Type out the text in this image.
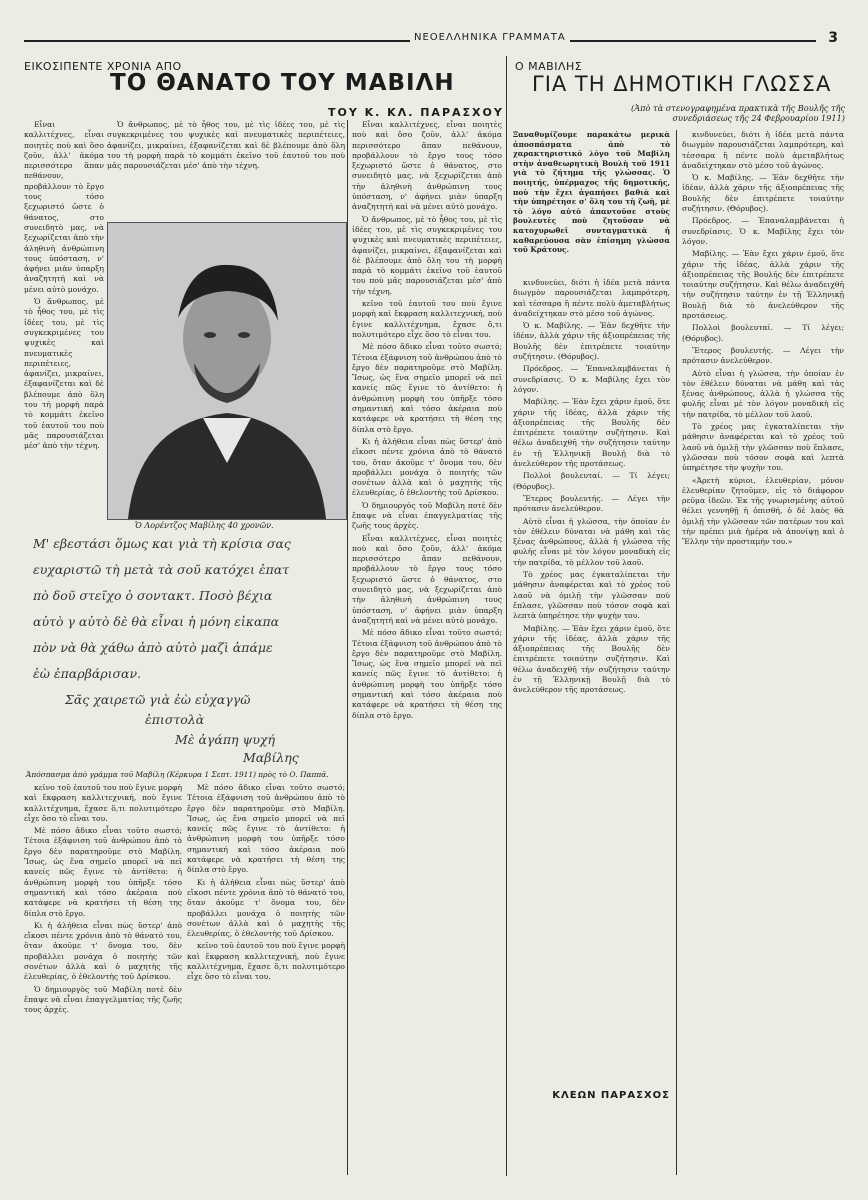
ΝΕΟΕΛΛΗΝΙΚΑ ΓΡΑΜΜΑΤΑ	3
ΕΙΚΟΣΙΠΕΝΤΕ ΧΡΟΝΙΑ ΑΠΟ
ΤΟ ΘΑΝΑΤΟ ΤΟΥ ΜΑΒΙΛΗ
ΤΟΥ Κ. ΚΛ. ΠΑΡΑΣΧΟΥ
Ο ΜΑΒΙΛΗΣ
ΓΙΑ ΤΗ ΔΗΜΟΤΙΚΗ ΓΛΩΣΣΑ
(Ἀπὸ τὰ στενογραφημένα πρακτικὰ τῆς Βουλῆς τῆς συνεδριάσεως τῆς 24 Φεβρουαρίου 1911)

Εἶναι καλλιτέχνες, εἶναι ποιητὲς ποὺ καὶ ὅσο ζοῦν, ἀλλ' ἀκόμα περισσότερο ἅπαν πεθάνουν, προβάλλουν τὸ ἔργο τους τόσο ξεχωριστό ὥστε ὁ θάνατος, στο συνειδητὸ μας, νὰ ξεχωρίζεται ἀπὸ τὴν ἀληθινὴ ἀνθρώπινη τους ὑπόσταση, ν' ἀφήνει μιὰν ὑπαρξη ἀναζητητή καὶ νὰ μένει αὐτὸ μονάχο.

Ὁ ἄνθρωπος, μὲ τὸ ἦθος του, μὲ τὶς ἰδέες του, μὲ τὶς συγκεκριμένες του ψυχικὲς καὶ πνευματικὲς περιπέτειες, ἀφανίζει, μικραίνει, ἐξαφανίζεται καὶ δὲ βλέπουμε ἀπὸ ὅλη του τὴ μορφὴ παρὰ τὸ κομμάτι ἐκεῖνο τοῦ ἑαυτοῦ του ποὺ μᾶς παρουσιάζεται μέσ' ἀπὸ τὴν τέχνη.

Ὁ ἄνθρωπος, μὲ τὸ ἦθος του, μὲ τὶς ἰδέες του, μὲ τὶς συγκεκριμένες του ψυχικὲς καὶ πνευματικὲς περιπέτειες, ἀφανίζει, μικραίνει, ἐξαφανίζεται καὶ δὲ βλέπουμε ἀπὸ ὅλη του τὴ μορφὴ παρὰ τὸ κομμάτι ἐκεῖνο τοῦ ἑαυτοῦ του ποὺ μᾶς παρουσιάζεται μέσ' ἀπὸ τὴν τέχνη.

Ὁ Λορέντζος Μαβίλης 40 χρονῶν.
Μ' εβεστάσι ὅμως και γιὰ τὴ κρίσια σας
ευχαριστῶ τὴ μετὰ τὰ σοῦ κατόχει ἐπατ
πὸ δοῦ στεῖχο ὁ σοντακτ. Ποσὸ βέχια
αὐτὸ γ αὐτὸ δὲ θὰ εἶναι ἡ μόνη εἰκαπα
πὸν νὰ θὰ χάθω ἀπὸ αὐτὸ μαζὶ ἀπάμε
ἑὼ ἐπαρβάρισαν.
Σᾶς χαιρετῶ γιὰ ἐὼ εὐχαγγῶ
ἐπιστολὰ
Μὲ ἀγάπη ψυχή
Μαβίλης
Ἀπόσπασμα ἀπὸ γράμμα τοῦ Μαβίλη (Κέρκυρα 1 Σεπτ. 1911) πρὸς τὸ Ο. Παππᾶ.

κεῖνο τοῦ ἑαυτοῦ του ποὺ ἔγινε μορφὴ καὶ ἔκφραση καλλιτεχνική, ποὺ ἔγινε καλλιτέχνημα, ἔχασε ὅ,τι πολυτιμότερο εἶχε ὅσο τὸ εἶναι του.

Μὲ πόσο ἄδικο εἶναι τοῦτο σωστό; Τέτοια ἐξάφνιση τοῦ ἀνθρώπου ἀπὸ τὸ ἔργο δὲν παρατηροῦμε στὸ Μαβίλη. Ἴσως, ὡς ἕνα σημεῖο μπορεῖ νὰ πεῖ κανείς πῶς ἔγινε τὸ ἀντίθετο: ἡ ἀνθρώπινη μορφὴ του ὑπῆρξε τόσο σημαντική καὶ τόσο ἀκέραια ποὺ κατάφερε νὰ κρατήσει τὴ θέση της δίπλα στὸ ἔργο.

Κι ἡ ἀλήθεια εἶναι πὼς ὕστερ' ἀπὸ εἴκοσι πέντε χρόνια ἀπὸ τὸ θάνατό του, ὅταν ἀκοῦμε τ' ὄνομα του, δὲν προβάλλει μονάχα ὁ ποιητὴς τῶν σονέτων ἀλλὰ καὶ ὁ μαχητὴς τῆς ἐλευθερίας, ὁ ἐθελοντὴς τοῦ Δρίσκου.

Ὁ δημιουργὸς τοῦ Μαβίλη ποτὲ δὲν ἔπαψε νὰ εἶναι ἐπαγγελματίας τῆς ζωῆς τους ἀρχὲς.

Μὲ πόσο ἄδικο εἶναι τοῦτο σωστό; Τέτοια ἐξάφνιση τοῦ ἀνθρώπου ἀπὸ τὸ ἔργο δὲν παρατηροῦμε στὸ Μαβίλη. Ἴσως, ὡς ἕνα σημεῖο μπορεῖ νὰ πεῖ κανείς πῶς ἔγινε τὸ ἀντίθετο: ἡ ἀνθρώπινη μορφὴ του ὑπῆρξε τόσο σημαντική καὶ τόσο ἀκέραια ποὺ κατάφερε νὰ κρατήσει τὴ θέση της δίπλα στὸ ἔργο.

Κι ἡ ἀλήθεια εἶναι πὼς ὕστερ' ἀπὸ εἴκοσι πέντε χρόνια ἀπὸ τὸ θάνατό του, ὅταν ἀκοῦμε τ' ὄνομα του, δὲν προβάλλει μονάχα ὁ ποιητὴς τῶν σονέτων ἀλλὰ καὶ ὁ μαχητὴς τῆς ἐλευθερίας, ὁ ἐθελοντὴς τοῦ Δρίσκου.

κεῖνο τοῦ ἑαυτοῦ του ποὺ ἔγινε μορφὴ καὶ ἔκφραση καλλιτεχνική, ποὺ ἔγινε καλλιτέχνημα, ἔχασε ὅ,τι πολυτιμότερο εἶχε ὅσο τὸ εἶναι του.

Εἶναι καλλιτέχνες, εἶναι ποιητὲς ποὺ καὶ ὅσο ζοῦν, ἀλλ' ἀκόμα περισσότερο ἅπαν πεθάνουν, προβάλλουν τὸ ἔργο τους τόσο ξεχωριστό ὥστε ὁ θάνατος, στο συνειδητὸ μας, νὰ ξεχωρίζεται ἀπὸ τὴν ἀληθινὴ ἀνθρώπινη τους ὑπόσταση, ν' ἀφήνει μιὰν ὑπαρξη ἀναζητητή καὶ νὰ μένει αὐτὸ μονάχο.

Ὁ ἄνθρωπος, μὲ τὸ ἦθος του, μὲ τὶς ἰδέες του, μὲ τὶς συγκεκριμένες του ψυχικὲς καὶ πνευματικὲς περιπέτειες, ἀφανίζει, μικραίνει, ἐξαφανίζεται καὶ δὲ βλέπουμε ἀπὸ ὅλη του τὴ μορφὴ παρὰ τὸ κομμάτι ἐκεῖνο τοῦ ἑαυτοῦ του ποὺ μᾶς παρουσιάζεται μέσ' ἀπὸ τὴν τέχνη.

κεῖνο τοῦ ἑαυτοῦ του ποὺ ἔγινε μορφὴ καὶ ἔκφραση καλλιτεχνική, ποὺ ἔγινε καλλιτέχνημα, ἔχασε ὅ,τι πολυτιμότερο εἶχε ὅσο τὸ εἶναι του.

Μὲ πόσο ἄδικο εἶναι τοῦτο σωστό; Τέτοια ἐξάφνιση τοῦ ἀνθρώπου ἀπὸ τὸ ἔργο δὲν παρατηροῦμε στὸ Μαβίλη. Ἴσως, ὡς ἕνα σημεῖο μπορεῖ νὰ πεῖ κανείς πῶς ἔγινε τὸ ἀντίθετο: ἡ ἀνθρώπινη μορφὴ του ὑπῆρξε τόσο σημαντική καὶ τόσο ἀκέραια ποὺ κατάφερε νὰ κρατήσει τὴ θέση της δίπλα στὸ ἔργο.

Κι ἡ ἀλήθεια εἶναι πὼς ὕστερ' ἀπὸ εἴκοσι πέντε χρόνια ἀπὸ τὸ θάνατό του, ὅταν ἀκοῦμε τ' ὄνομα του, δὲν προβάλλει μονάχα ὁ ποιητὴς τῶν σονέτων ἀλλὰ καὶ ὁ μαχητὴς τῆς ἐλευθερίας, ὁ ἐθελοντὴς τοῦ Δρίσκου.

Ὁ δημιουργὸς τοῦ Μαβίλη ποτὲ δὲν ἔπαψε νὰ εἶναι ἐπαγγελματίας τῆς ζωῆς τους ἀρχὲς.

Εἶναι καλλιτέχνες, εἶναι ποιητὲς ποὺ καὶ ὅσο ζοῦν, ἀλλ' ἀκόμα περισσότερο ἅπαν πεθάνουν, προβάλλουν τὸ ἔργο τους τόσο ξεχωριστό ὥστε ὁ θάνατος, στο συνειδητὸ μας, νὰ ξεχωρίζεται ἀπὸ τὴν ἀληθινὴ ἀνθρώπινη τους ὑπόσταση, ν' ἀφήνει μιὰν ὑπαρξη ἀναζητητή καὶ νὰ μένει αὐτὸ μονάχο.

Μὲ πόσο ἄδικο εἶναι τοῦτο σωστό; Τέτοια ἐξάφνιση τοῦ ἀνθρώπου ἀπὸ τὸ ἔργο δὲν παρατηροῦμε στὸ Μαβίλη. Ἴσως, ὡς ἕνα σημεῖο μπορεῖ νὰ πεῖ κανείς πῶς ἔγινε τὸ ἀντίθετο: ἡ ἀνθρώπινη μορφὴ του ὑπῆρξε τόσο σημαντική καὶ τόσο ἀκέραια ποὺ κατάφερε νὰ κρατήσει τὴ θέση της δίπλα στὸ ἔργο.

Ξαναθυμίζουμε παρακάτω μερικὰ ἀποσπάσματα ἀπὸ τὸ χαρακτηριστικό λόγο τοῦ Μαβίλη στὴν ἀναθεωρητικὴ Βουλὴ τοῦ 1911 γιὰ τὸ ζήτημα τῆς γλώσσας. Ὁ ποιητής, ὑπέρμαχος τῆς δημοτικῆς, ποὺ τὴν ἔχει ἀγαπήσει βαθιὰ καὶ τὴν ὑπηρέτησε σ' ὅλη του τὴ ζωὴ, μὲ τὸ λόγο αὐτὸ ἀπαντοῦσε στοὺς βουλευτὲς ποὺ ζητοῦσαν νὰ κατοχυρωθεῖ συνταγματικὰ ἡ καθαρεύουσα σὰν ἐπίσημη γλώσσα τοῦ Κράτους.

κινδυνεύει, διότι ἡ ἰδέα μετὰ πάντα διωγμὸν παρουσιάζεται λαμπρότερη, καὶ τέσσαρα ἢ πέντε πολὺ ἀμεταβλήτως ἀναδείχτηκαν στὸ μέσο τοῦ ἀγώνος.

Ὁ κ. Μαβίλης. — Ἐὰν δεχθῆτε τὴν ἰδέαν, ἀλλὰ χάριν τῆς ἀξιοπρέπειας τῆς Βουλῆς δὲν ἐπιτρέπετε τοιαύτην συζήτησιν. (Θόρυβος).

Πρόεδρος. — Ἐπαναλαμβάνεται ἡ συνεδρίασις. Ὁ κ. Μαβίλης ἔχει τὸν λόγον.

Μαβίλης. — Ἐὰν ἔχει χάριν ἐμοῦ, ὅτε χάριν τῆς ἰδέας, ἀλλὰ χάριν τῆς ἀξιοπρέπειας τῆς Βουλῆς δὲν ἐπιτρέπετε τοιαύτην συζήτησιν. Καὶ θέλω ἀναδειχθῆ τὴν συζήτησιν ταύτην ἐν τῇ Ἑλληνικῇ Βουλῇ διὰ τὸ ἀνελεύθερον τῆς προτάσεως.

Πολλοὶ βουλευταί. — Τί λέγει; (Θόρυβος).

Ἕτερος βουλευτής. — Λέγει τὴν πρότασιν ἀνελεύθερον.

Αὐτὸ εἶναι ἡ γλώσσα, τὴν ὁποίαν ἐν τὸν ἐθέλειν δύναται νὰ μάθη καὶ τὰς ξένας ἀνθρώπους, ἀλλὰ ἡ γλώσσα τῆς φυλῆς εἶναι μὲ τὸν λόγον μοναδικὴ εἰς τὴν πατρίδα, τὸ μέλλον τοῦ λαοῦ.

Τὸ χρέος μας ἐγκαταλίπεται τὴν μάθησιν ἀναφέρεται καὶ τὸ χρέος τοῦ λαοῦ νὰ ὁμιλῇ τὴν γλῶσσαν ποὺ ἔπλασε, γλῶσσαν ποὺ τόσον σοφὰ καὶ λεπτὰ ὑπηρέτησε τὴν ψυχὴν του.

Μαβίλης. — Ἐὰν ἔχει χάριν ἐμοῦ, ὅτε χάριν τῆς ἰδέας, ἀλλὰ χάριν τῆς ἀξιοπρέπειας τῆς Βουλῆς δὲν ἐπιτρέπετε τοιαύτην συζήτησιν. Καὶ θέλω ἀναδειχθῆ τὴν συζήτησιν ταύτην ἐν τῇ Ἑλληνικῇ Βουλῇ διὰ τὸ ἀνελεύθερον τῆς προτάσεως.

ΚΛΕΩΝ ΠΑΡΑΣΧΟΣ

κινδυνεύει, διότι ἡ ἰδέα μετὰ πάντα διωγμὸν παρουσιάζεται λαμπρότερη, καὶ τέσσαρα ἢ πέντε πολὺ ἀμεταβλήτως ἀναδείχτηκαν στὸ μέσο τοῦ ἀγώνος.

Ὁ κ. Μαβίλης. — Ἐὰν δεχθῆτε τὴν ἰδέαν, ἀλλὰ χάριν τῆς ἀξιοπρέπειας τῆς Βουλῆς δὲν ἐπιτρέπετε τοιαύτην συζήτησιν. (Θόρυβος).

Πρόεδρος. — Ἐπαναλαμβάνεται ἡ συνεδρίασις. Ὁ κ. Μαβίλης ἔχει τὸν λόγον.

Μαβίλης. — Ἐὰν ἔχει χάριν ἐμοῦ, ὅτε χάριν τῆς ἰδέας, ἀλλὰ χάριν τῆς ἀξιοπρέπειας τῆς Βουλῆς δὲν ἐπιτρέπετε τοιαύτην συζήτησιν. Καὶ θέλω ἀναδειχθῆ τὴν συζήτησιν ταύτην ἐν τῇ Ἑλληνικῇ Βουλῇ διὰ τὸ ἀνελεύθερον τῆς προτάσεως.

Πολλοὶ βουλευταί. — Τί λέγει; (Θόρυβος).

Ἕτερος βουλευτής. — Λέγει τὴν πρότασιν ἀνελεύθερον.

Αὐτὸ εἶναι ἡ γλώσσα, τὴν ὁποίαν ἐν τὸν ἐθέλειν δύναται νὰ μάθη καὶ τὰς ξένας ἀνθρώπους, ἀλλὰ ἡ γλώσσα τῆς φυλῆς εἶναι μὲ τὸν λόγον μοναδικὴ εἰς τὴν πατρίδα, τὸ μέλλον τοῦ λαοῦ.

Τὸ χρέος μας ἐγκαταλίπεται τὴν μάθησιν ἀναφέρεται καὶ τὸ χρέος τοῦ λαοῦ νὰ ὁμιλῇ τὴν γλῶσσαν ποὺ ἔπλασε, γλῶσσαν ποὺ τόσον σοφὰ καὶ λεπτὰ ὑπηρέτησε τὴν ψυχὴν του.

«Ἀρετὴ κύριοι, ἐλευθερίαν, μόνον ἐλευθερίαν ζητοῦμεν, εἰς τὸ διάφορον ρεῦμα ἰδεῶν. Ἐκ τῆς γνωρισμένης αὐτοῦ θέλει γεννηθῇ ἡ ὀπισθή, ὁ δὲ λαὸς θὰ ὁμιλῇ τὴν γλῶσσαν τῶν πατέρων του καὶ τὴν πρέπει μιὰ ἡμέρα νὰ ἀπονίψῃ καὶ ὁ Ἕλλην τὴν προσταμήν του.»
